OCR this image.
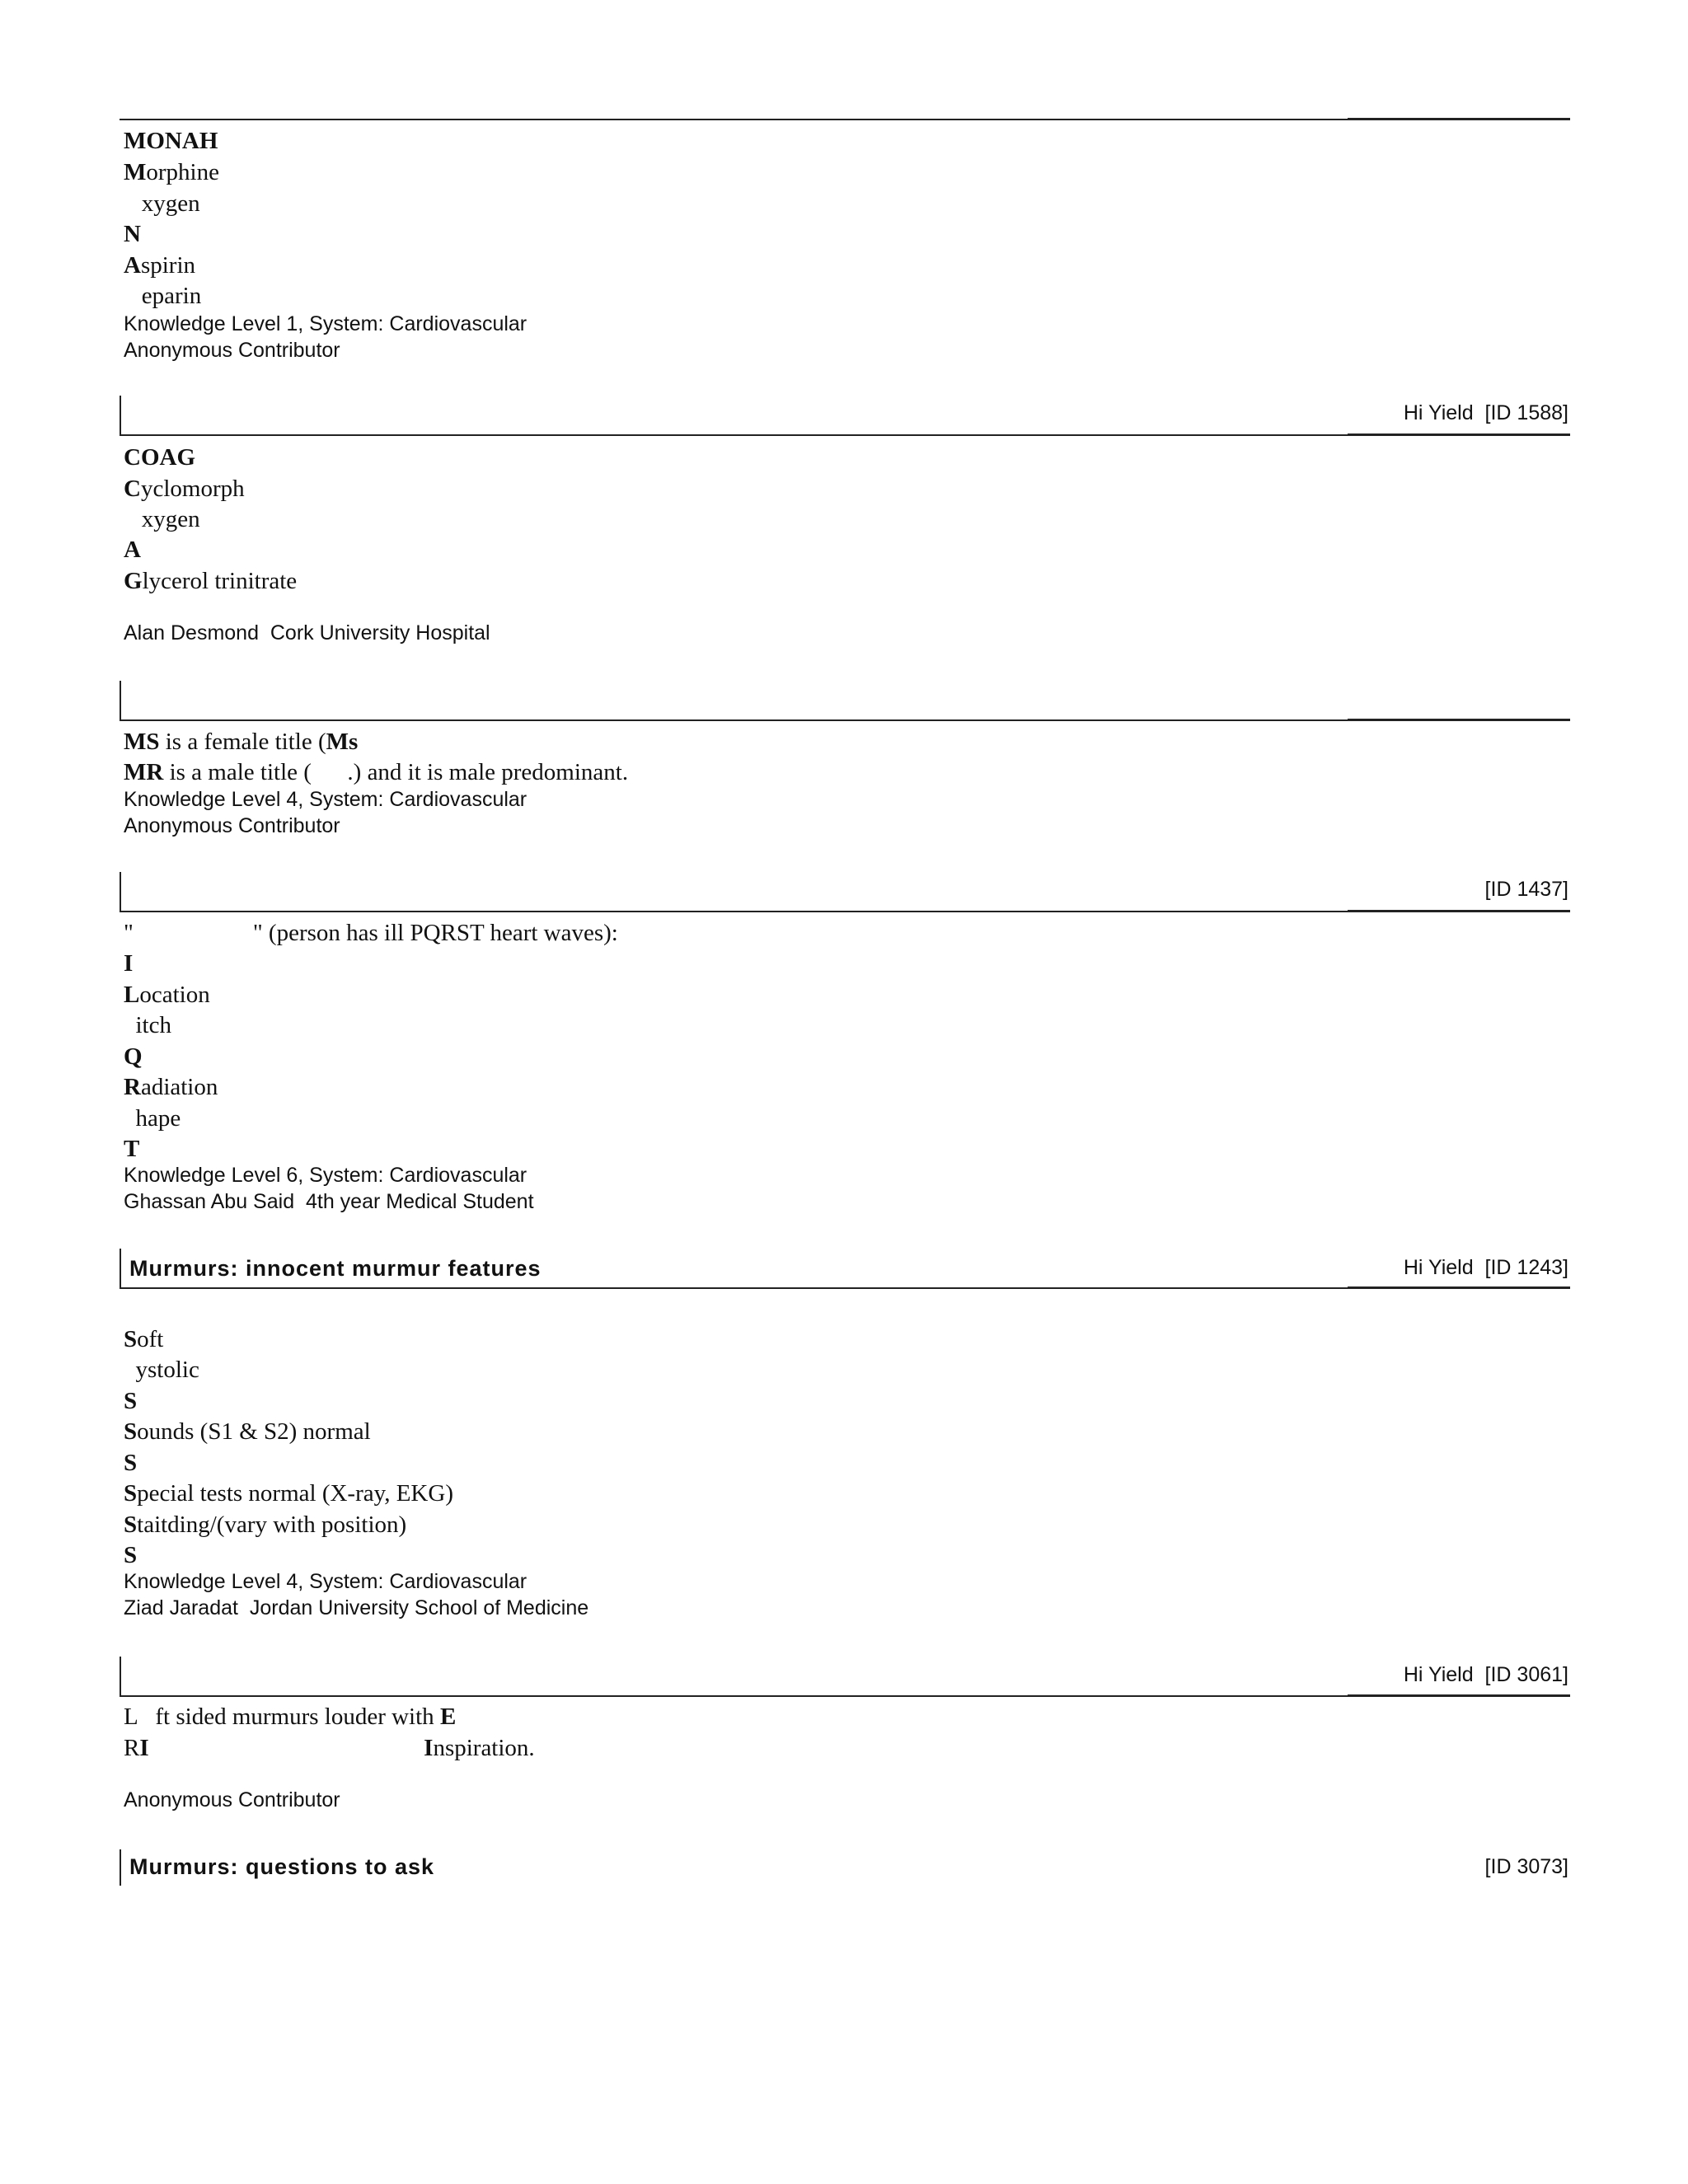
MONAH
Morphine
xygen
N
Aspirin
eparin
Knowledge Level 1, System: Cardiovascular
Anonymous Contributor
Hi Yield  [ID 1588]
COAG
Cyclomorph
xygen
A
Glycerol trinitrate
Alan Desmond  Cork University Hospital
MS is a female title (Ms
MR is a male title (      .) and it is male predominant.
Knowledge Level 4, System: Cardiovascular
Anonymous Contributor
[ID 1437]
"                    " (person has ill PQRST heart waves):
I
Location
itch
Q
Radiation
hape
T
Knowledge Level 6, System: Cardiovascular
Ghassan Abu Said  4th year Medical Student
Murmurs: innocent murmur features	Hi Yield  [ID 1243]
Soft
ystolic
S
Sounds (S1 & S2) normal
S
Special tests normal (X-ray, EKG)
Staitding/(vary with position)
S
Knowledge Level 4, System: Cardiovascular
Ziad Jaradat  Jordan University School of Medicine
Hi Yield  [ID 3061]
L   ft sided murmurs louder with E
RI	Inspiration.
Anonymous Contributor
Murmurs: questions to ask	[ID 3073]
